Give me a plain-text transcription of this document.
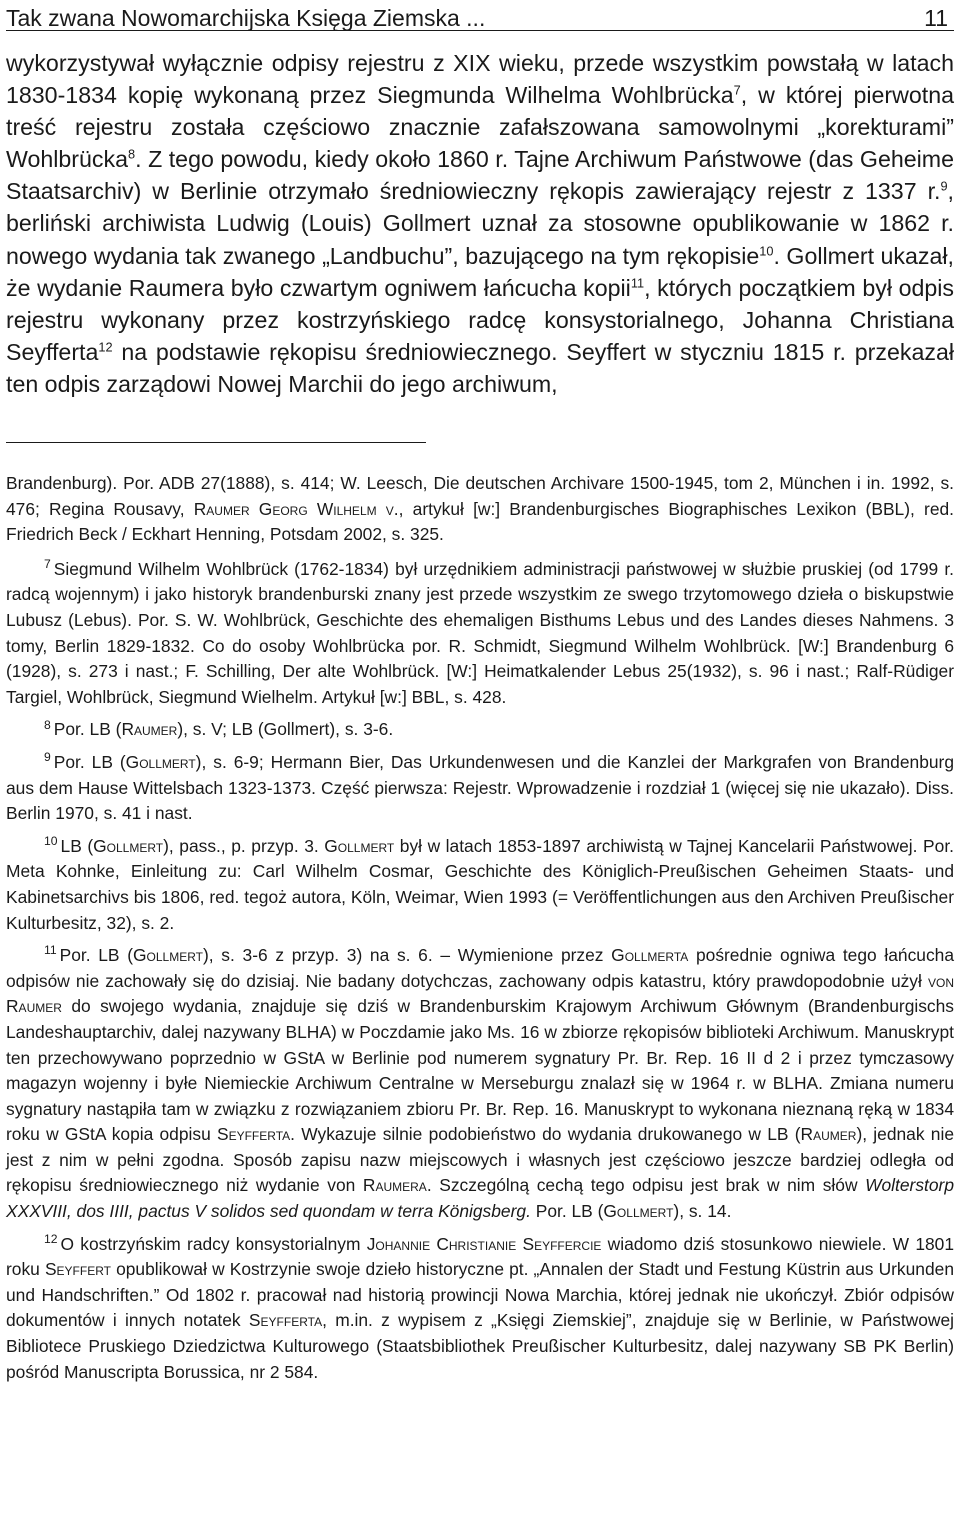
Tak zwana Nowomarchijska Księga Ziemska ...	11

wykorzystywał wyłącznie odpisy rejestru z XIX wieku, przede wszystkim powstałą w latach 1830-1834 kopię wykonaną przez Siegmunda Wilhelma Wohlbrücka$^7$, w której pierwotna treść rejestru została częściowo znacznie zafałszowana samowolnymi „korekturami” Wohlbrücka$^8$. Z tego powodu, kiedy około 1860 r. Tajne Archiwum Państwowe (das Geheime Staatsarchiv) w Berlinie otrzymało średniowieczny rękopis zawierający rejestr z 1337 r.$^9$, berliński archiwista Ludwig (Louis) Gollmert uznał za stosowne opublikowanie w 1862 r. nowego wydania tak zwanego „Landbuchu”, bazującego na tym rękopisie$^{10}$. Gollmert ukazał, że wydanie Raumera było czwartym ogniwem łańcucha kopii$^{11}$, których początkiem był odpis rejestru wykonany przez kostrzyńskiego radcę konsystorialnego, Johanna Christiana Seyfferta$^{12}$ na podstawie rękopisu średniowiecznego. Seyffert w styczniu 1815 r. przekazał ten odpis zarządowi Nowej Marchii do jego archiwum,

Brandenburg). Por. ADB 27(1888), s. 414; W. Leesch, Die deutschen Archivare 1500-1945, tom 2, München i in. 1992, s. 476; Regina Rousavy, Raumer Georg Wilhelm v., artykuł [w:] Brandenburgisches Biographisches Lexikon (BBL), red. Friedrich Beck / Eckhart Henning, Potsdam 2002, s. 325.

$^7$ Siegmund Wilhelm Wohlbrück (1762-1834) był urzędnikiem administracji państwowej w służbie pruskiej (od 1799 r. radcą wojennym) i jako historyk brandenburski znany jest przede wszystkim ze swego trzytomowego dzieła o biskupstwie Lubusz (Lebus). Por. S. W. Wohlbrück, Geschichte des ehemaligen Bisthums Lebus und des Landes dieses Nahmens. 3 tomy, Berlin 1829-1832. Co do osoby Wohlbrücka por. R. Schmidt, Siegmund Wilhelm Wohlbrück. [W:] Brandenburg 6 (1928), s. 273 i nast.; F. Schilling, Der alte Wohlbrück. [W:] Heimatkalender Lebus 25(1932), s. 96 i nast.; Ralf-Rüdiger Targiel, Wohlbrück, Siegmund Wielhelm. Artykuł [w:] BBL, s. 428.

$^8$ Por. LB (Raumer), s. V; LB (Gollmert), s. 3-6.

$^9$ Por. LB (Gollmert), s. 6-9; Hermann Bier, Das Urkundenwesen und die Kanzlei der Markgrafen von Brandenburg aus dem Hause Wittelsbach 1323-1373. Część pierwsza: Rejestr. Wprowadzenie i rozdział 1 (więcej się nie ukazało). Diss. Berlin 1970, s. 41 i nast.

$^{10}$ LB (Gollmert), pass., p. przyp. 3. Gollmert był w latach 1853-1897 archiwistą w Tajnej Kancelarii Państwowej. Por. Meta Kohnke, Einleitung zu: Carl Wilhelm Cosmar, Geschichte des Königlich-Preußischen Geheimen Staats- und Kabinetsarchivs bis 1806, red. tegoż autora, Köln, Weimar, Wien 1993 (= Veröffentlichungen aus den Archiven Preußischer Kulturbesitz, 32), s. 2.

$^{11}$ Por. LB (Gollmert), s. 3-6 z przyp. 3) na s. 6. – Wymienione przez Gollmerta pośrednie ogniwa tego łańcucha odpisów nie zachowały się do dzisiaj. Nie badany dotychczas, zachowany odpis katastru, który prawdopodobnie użył von Raumer do swojego wydania, znajduje się dziś w Brandenburskim Krajowym Archiwum Głównym (Brandenburgischs Landeshauptarchiv, dalej nazywany BLHA) w Poczdamie jako Ms. 16 w zbiorze rękopisów biblioteki Archiwum. Manuskrypt ten przechowywano poprzednio w GStA w Berlinie pod numerem sygnatury Pr. Br. Rep. 16 II d 2 i przez tymczasowy magazyn wojenny i byłe Niemieckie Archiwum Centralne w Merseburgu znalazł się w 1964 r. w BLHA. Zmiana numeru sygnatury nastąpiła tam w związku z rozwiązaniem zbioru Pr. Br. Rep. 16. Manuskrypt to wykonana nieznaną ręką w 1834 roku w GStA kopia odpisu Seyfferta. Wykazuje silnie podobieństwo do wydania drukowanego w LB (Raumer), jednak nie jest z nim w pełni zgodna. Sposób zapisu nazw miejscowych i własnych jest częściowo jeszcze bardziej odległa od rękopisu średniowiecznego niż wydanie von Raumera. Szczególną cechą tego odpisu jest brak w nim słów Wolterstorp XXXVIII, dos IIII, pactus V solidos sed quondam w terra Königsberg. Por. LB (Gollmert), s. 14.

$^{12}$ O kostrzyńskim radcy konsystorialnym Johannie Christianie Seyffercie wiadomo dziś stosunkowo niewiele. W 1801 roku Seyffert opublikował w Kostrzynie swoje dzieło historyczne pt. „Annalen der Stadt und Festung Küstrin aus Urkunden und Handschriften.” Od 1802 r. pracował nad historią prowincji Nowa Marchia, której jednak nie ukończył. Zbiór odpisów dokumentów i innych notatek Seyfferta, m.in. z wypisem z „Księgi Ziemskiej”, znajduje się w Berlinie, w Państwowej Bibliotece Pruskiego Dziedzictwa Kulturowego (Staatsbibliothek Preußischer Kulturbesitz, dalej nazywany SB PK Berlin) pośród Manuscripta Borussica, nr 2 584.
